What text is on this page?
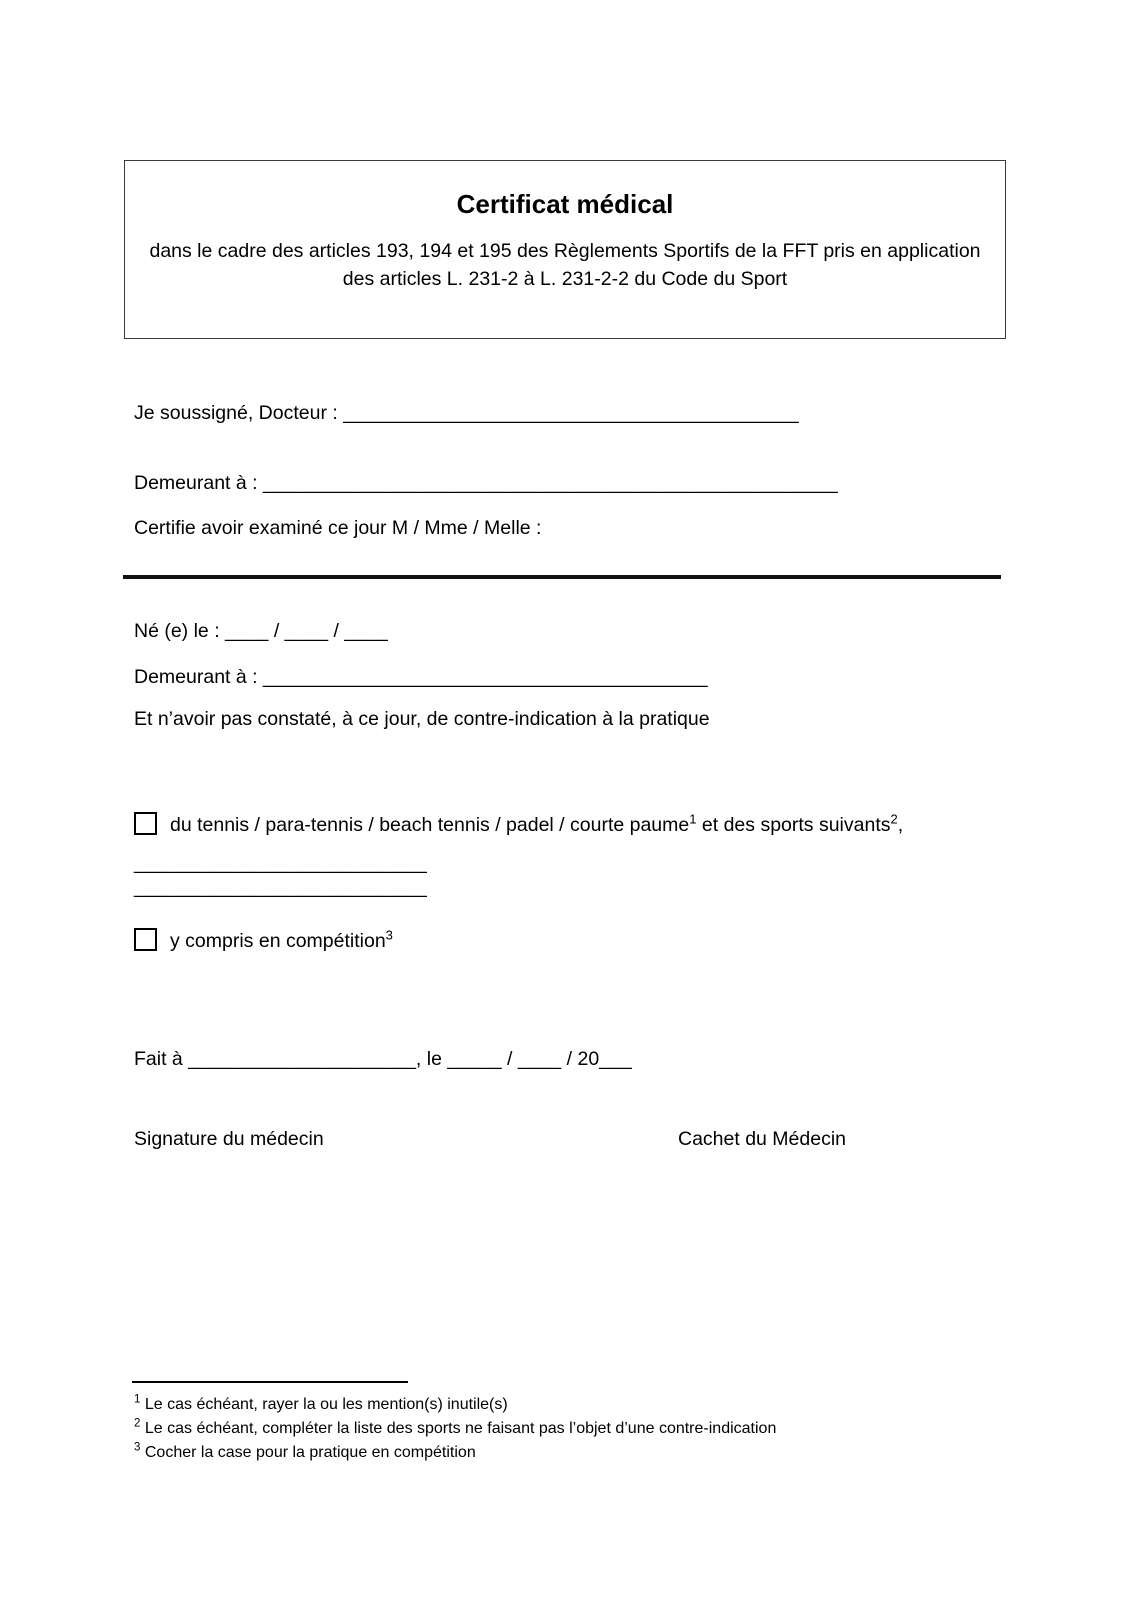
Certificat médical
dans le cadre des articles 193, 194 et 195 des Règlements Sportifs de la FFT pris en application des articles L. 231-2 à L. 231-2-2 du Code du Sport
Je soussigné, Docteur : __________________________________________
Demeurant à : _____________________________________________________
Certifie avoir examiné ce jour M / Mme / Melle :
Né (e) le : ____ / ____ / ____
Demeurant à : _________________________________________
Et n’avoir pas constaté, à ce jour, de contre-indication à la pratique
du tennis / para-tennis / beach tennis / padel / courte paume$^1$ et des sports suivants$^2$,
___________________________
___________________________
y compris en compétition$^3$
Fait à _____________________, le _____ / ____ / 20___
Signature du médecin	Cachet du Médecin
$^1$ Le cas échéant, rayer la ou les mention(s) inutile(s)
$^2$ Le cas échéant, compléter la liste des sports ne faisant pas l’objet d’une contre-indication
$^3$ Cocher la case pour la pratique en compétition
